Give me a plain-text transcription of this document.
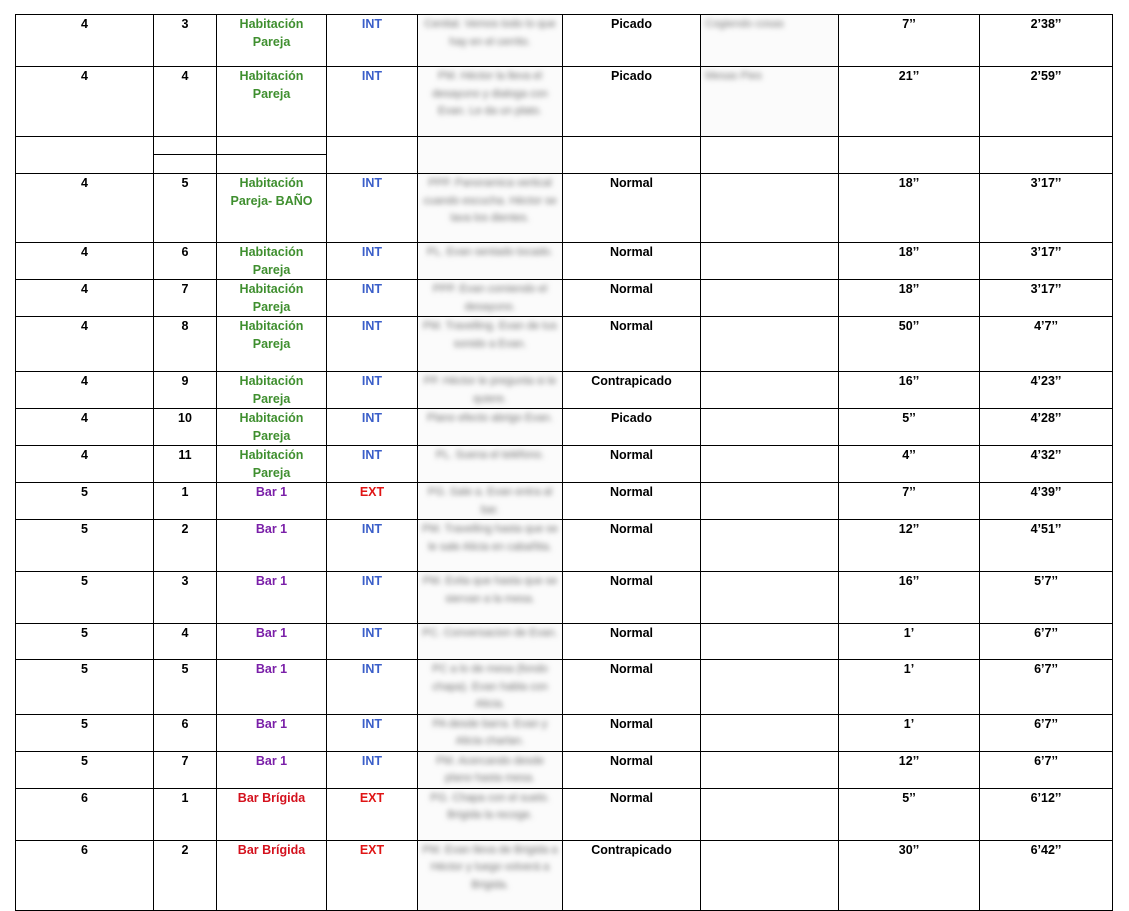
4	3	Habitación Pareja	INT	Cenital. Vemos todo lo que hay en el cerrito.	Picado	Cogiendo cosas	7’’	2’38’’
4	4	Habitación Pareja	INT	PM. Héctor la lleva el desayuno y dialoga con Evan. Le da un plato.	Picado	Mesas Pies	21’’	2’59’’

4	5	Habitación Pareja- BAÑO	INT	PPP. Panoramica vertical cuando escucha. Héctor se lava los dientes.	Normal		18’’	3’17’’
4	6	Habitación Pareja	INT	PL. Evan sentado tocado.	Normal		18’’	3’17’’
4	7	Habitación Pareja	INT	PPP. Evan comiendo el desayuno.	Normal		18’’	3’17’’
4	8	Habitación Pareja	INT	PM. Travelling. Evan de tus sonido a Evan.	Normal		50’’	4’7’’
4	9	Habitación Pareja	INT	PP. Héctor le pregunta si le quiere.	Contrapicado		16’’	4’23’’
4	10	Habitación Pareja	INT	Plano efecto abrigo Evan.	Picado		5’’	4’28’’
4	11	Habitación Pareja	INT	PL. Suena el teléfono.	Normal		4’’	4’32’’
5	1	Bar 1	EXT	PG. Sale a. Evan entra al bar.	Normal		7’’	4’39’’
5	2	Bar 1	INT	PM. Travelling hasta que se le sale Alicia en cabañita.	Normal		12’’	4’51’’
5	3	Bar 1	INT	PM. Evita que hasta que se siervan a la mesa.	Normal		16’’	5’7’’
5	4	Bar 1	INT	PC. Conversacion de Evan.	Normal		1’	6’7’’
5	5	Bar 1	INT	PC a lo de mesa (fondo chapa). Evan habla con Alicia.	Normal		1’	6’7’’
5	6	Bar 1	INT	PA desde barra. Evan y Alicia charlan.	Normal		1’	6’7’’
5	7	Bar 1	INT	PM. Acercando desde plano hasta mesa.	Normal		12’’	6’7’’
6	1	Bar Brígida	EXT	PG. Chapa con el suelo. Brigida la recoge.	Normal		5’’	6’12’’
6	2	Bar Brígida	EXT	PM. Evan lleva de Brigida a Héctor y luego volverá a Brigida.	Contrapicado		30’’	6’42’’
